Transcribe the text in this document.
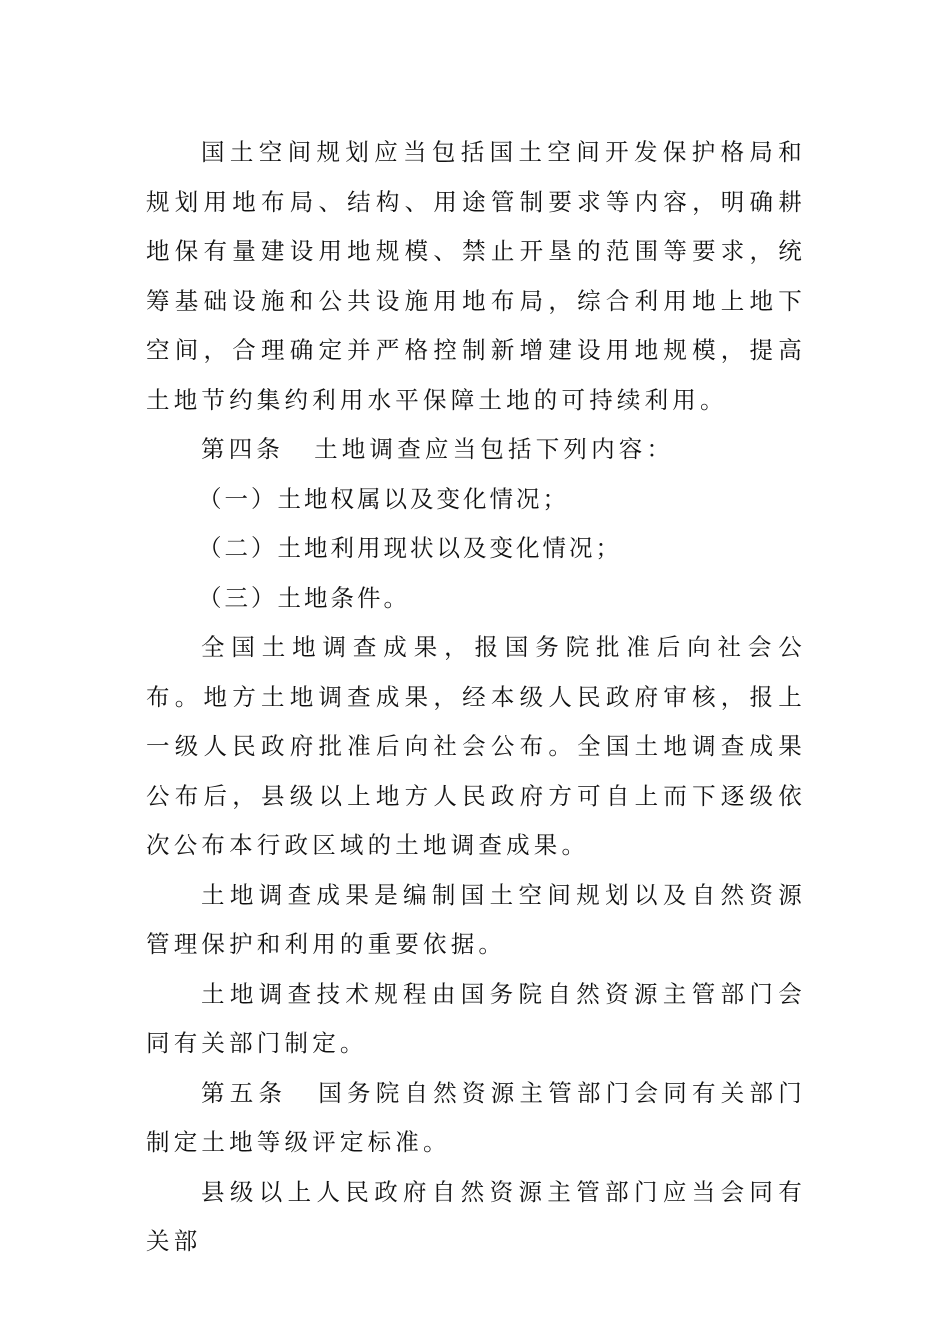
国土空间规划应当包括国土空间开发保护格局和规划用地布局、结构、用途管制要求等内容，明确耕地保有量建设用地规模、禁止开垦的范围等要求，统筹基础设施和公共设施用地布局，综合利用地上地下空间，合理确定并严格控制新增建设用地规模，提高土地节约集约利用水平保障土地的可持续利用。

第四条 土地调查应当包括下列内容：

（一）土地权属以及变化情况；

（二）土地利用现状以及变化情况；

（三）土地条件。

全国土地调查成果，报国务院批准后向社会公布。地方土地调查成果，经本级人民政府审核，报上一级人民政府批准后向社会公布。全国土地调查成果公布后，县级以上地方人民政府方可自上而下逐级依次公布本行政区域的土地调查成果。

土地调查成果是编制国土空间规划以及自然资源管理保护和利用的重要依据。

土地调查技术规程由国务院自然资源主管部门会同有关部门制定。

第五条 国务院自然资源主管部门会同有关部门制定土地等级评定标准。

县级以上人民政府自然资源主管部门应当会同有关部
